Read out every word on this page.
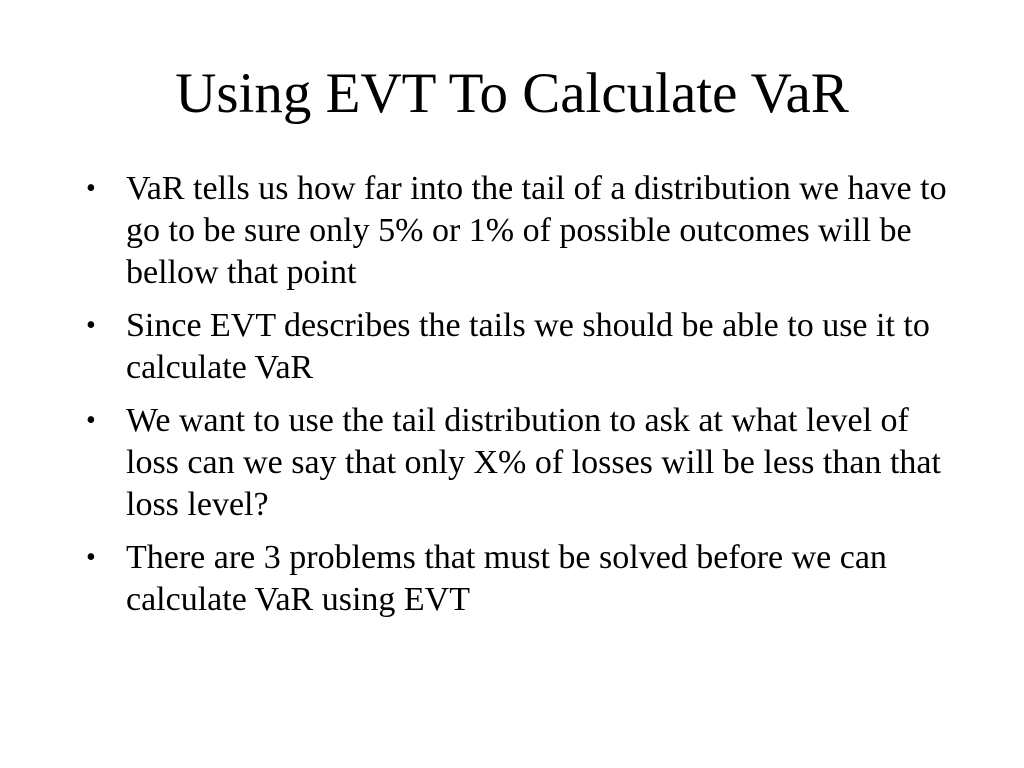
Using EVT To Calculate VaR
• VaR tells us how far into the tail of a distribution we have to go to be sure only 5% or 1% of possible outcomes will be bellow that point
• Since EVT describes the tails we should be able to use it to calculate VaR
• We want to use the tail distribution to ask at what level of loss can we say that only X% of losses will be less than that loss level?
• There are 3 problems that must be solved before we can calculate VaR using EVT
